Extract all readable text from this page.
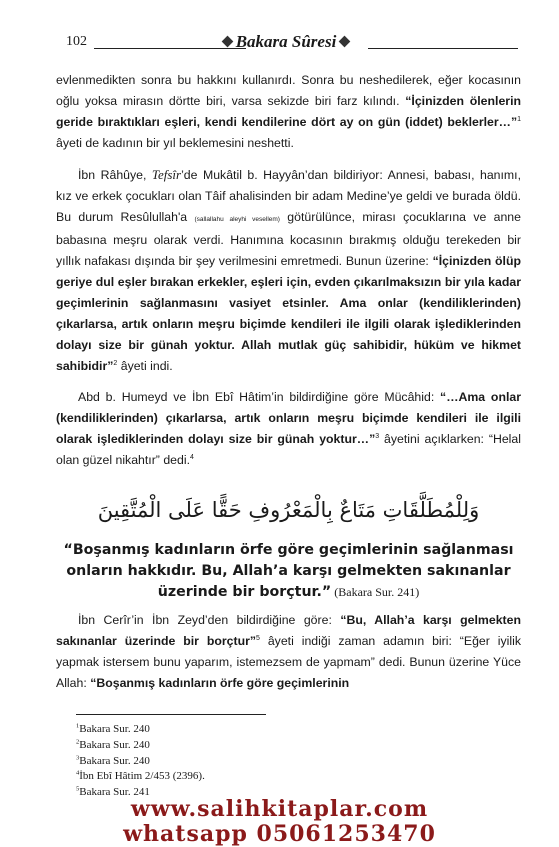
102	Bakara Sûresi

evlenmedikten sonra bu hakkını kullanırdı. Sonra bu neshedilerek, eğer kocasının oğlu yoksa mirasın dörtte biri, varsa sekizde biri farz kılındı. “İçinizden ölenlerin geride bıraktıkları eşleri, kendi kendilerine dört ay on gün (iddet) beklerler…”$^1$ âyeti de kadının bir yıl beklemesini neshetti.

İbn Râhûye, Tefsîr’de Mukâtil b. Hayyân’dan bildiriyor: Annesi, babası, hanımı, kız ve erkek çocukları olan Tâif ahalisinden bir adam Medine’ye geldi ve burada öldü. Bu durum Resûlullah'a (sallallahu aleyhi vesellem) götürülünce, mirası çocuklarına ve anne babasına meşru olarak verdi. Hanımına kocasının bırakmış olduğu terekeden bir yıllık nafakası dışında bir şey verilmesini emretmedi. Bunun üzerine: “İçinizden ölüp geriye dul eşler bırakan erkekler, eşleri için, evden çıkarılmaksızın bir yıla kadar geçimlerinin sağlanmasını vasiyet etsinler. Ama onlar (kendiliklerinden) çıkarlarsa, artık onların meşru biçimde kendileri ile ilgili olarak işlediklerinden dolayı size bir günah yoktur. Allah mutlak güç sahibidir, hüküm ve hikmet sahibidir”$^2$ âyeti indi.

Abd b. Humeyd ve İbn Ebî Hâtim’in bildirdiğine göre Mücâhid: “…Ama onlar (kendiliklerinden) çıkarlarsa, artık onların meşru biçimde kendileri ile ilgili olarak işlediklerinden dolayı size bir günah yoktur…”$^3$ âyetini açıklarken: “Helal olan güzel nikahtır” dedi.$^4$

وَلِلْمُطَلَّقَاتِ مَتَاعٌ بِالْمَعْرُوفِ حَقًّا عَلَى الْمُتَّقِينَ
“Boşanmış kadınların örfe göre geçimlerinin sağlanması
onların hakkıdır. Bu, Allah’a karşı gelmekten sakınanlar
üzerinde bir borçtur.” (Bakara Sur. 241)

İbn Cerîr’in İbn Zeyd’den bildirdiğine göre: “Bu, Allah’a karşı gelmekten sakınanlar üzerinde bir borçtur”$^5$ âyeti indiği zaman adamın biri: “Eğer iyilik yapmak istersem bunu yaparım, istemezsem de yapmam” dedi. Bunun üzerine Yüce Allah: “Boşanmış kadınların örfe göre geçimlerinin

$^1$Bakara Sur. 240
$^2$Bakara Sur. 240
$^3$Bakara Sur. 240
$^4$İbn Ebî Hâtim 2/453 (2396).
$^5$Bakara Sur. 241
www.salihkitaplar.com
whatsapp 05061253470
